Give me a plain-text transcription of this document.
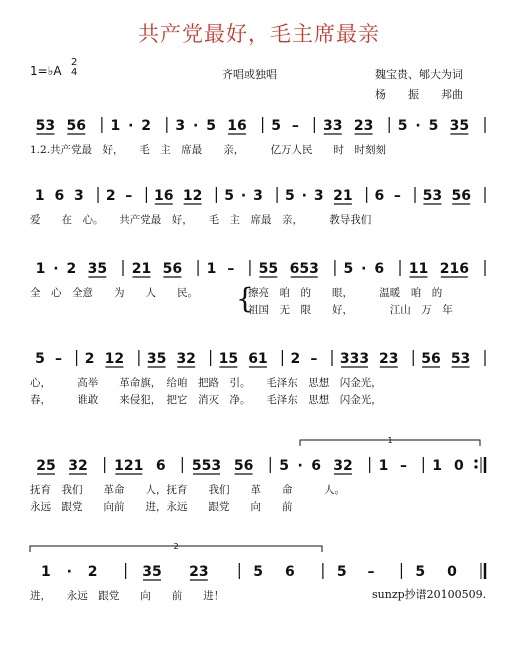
共产党最好，毛主席最亲
1=♭A
2
4	齐唱或独唱	魏宝贵、郇大为词
杨　　振　　邦曲
53 56 1 · 2 3 · 5 16 5 – 33 23 5 · 5 35
1 6 3 2 – 16 12 5 · 3 5 · 3 21 6 – 53 56
1 · 2 35 21 56 1 – 55 653 5 · 6 11 216
5 – 2 12 35 32 15 61 2 – 333 23 56 53
25 32 121 6 553 56 5 · 6 32 1 – 1 0
1 · 2	35 23	5 6	5 –	5 0
{
1
2
1.2.共产党最　好，　　毛　主　席最　　亲，　　　亿万人民　　时　时刻刻
爱　　在　心。　　共产党最　好，　　毛　主　席最　亲，　　　教导我们
全　心　全意　　为　　人　　民。	擦亮　咱　的　　眼，　　　温暖　咱　的
祖国　无　限　　好，　　　　江山　万　年
心，　　　高举　　革命旗，　给咱　把路　引。　　毛泽东　思想　闪金光，
春，　　　谁敢　　来侵犯，　把它　消灭　净。　　毛泽东　思想　闪金光，
抚育　我们　　革命　　人，抚育　　我们　　革　　命　　　人。
永远　跟党　　向前　　进，永远　　跟党　　向　　前
进，　　永远　跟党　　向　　前　　进！	sunzp抄谱20100509.
